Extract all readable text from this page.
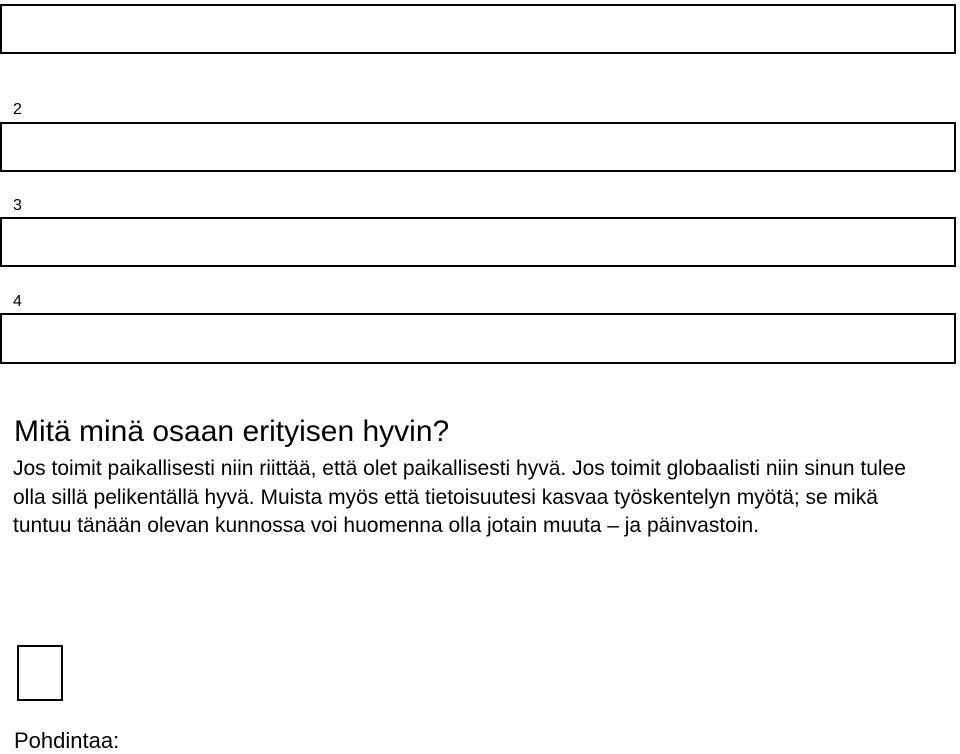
2

3

4

Mitä minä osaan erityisen hyvin?

Jos toimit paikallisesti niin riittää, että olet paikallisesti hyvä. Jos toimit globaalisti niin sinun tulee olla sillä pelikentällä hyvä. Muista myös että tietoisuutesi kasvaa työskentelyn myötä; se mikä tuntuu tänään olevan kunnossa voi huomenna olla jotain muuta – ja päinvastoin.

Pohdintaa:
